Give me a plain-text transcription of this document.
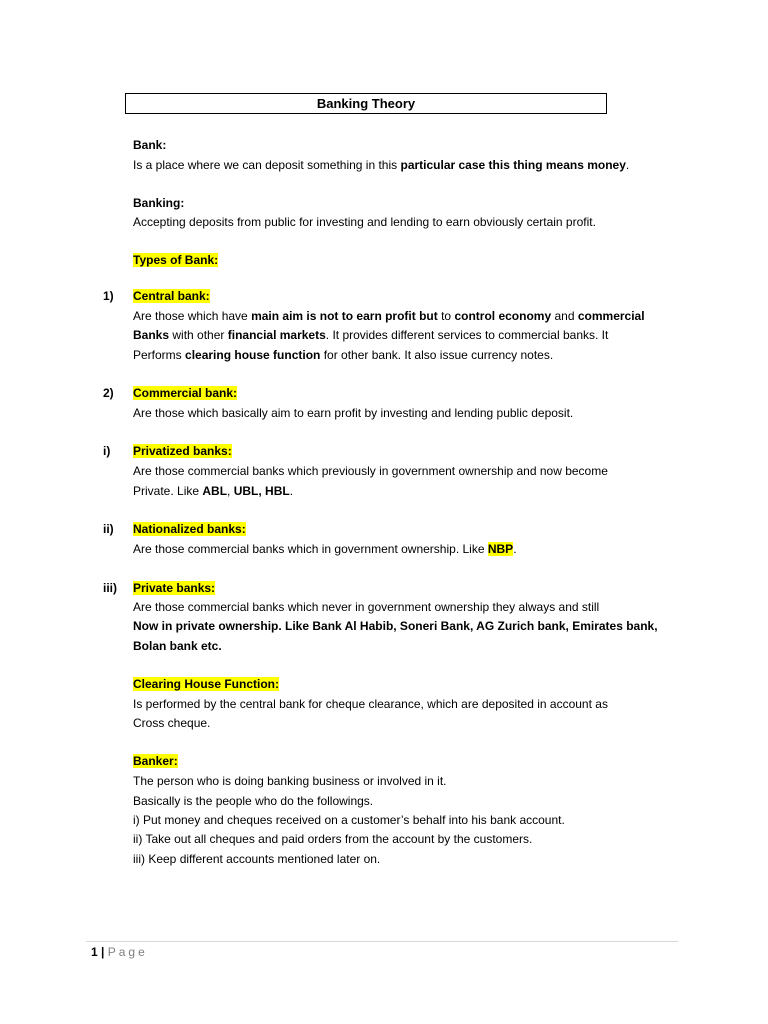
Banking Theory
Bank:
Is a place where we can deposit something in this particular case this thing means money.
Banking:
Accepting deposits from public for investing and lending to earn obviously certain profit.
Types of Bank:
1) Central bank:
Are those which have main aim is not to earn profit but to control economy and commercial
Banks with other financial markets. It provides different services to commercial banks. It
Performs clearing house function for other bank. It also issue currency notes.
2) Commercial bank:
Are those which basically aim to earn profit by investing and lending public deposit.
i) Privatized banks:
Are those commercial banks which previously in government ownership and now become
Private. Like ABL, UBL, HBL.
ii) Nationalized banks:
Are those commercial banks which in government ownership. Like NBP.
iii) Private banks:
Are those commercial banks which never in government ownership they always and still
Now in private ownership. Like Bank Al Habib, Soneri Bank, AG Zurich bank, Emirates bank,
Bolan bank etc.
Clearing House Function:
Is performed by the central bank for cheque clearance, which are deposited in account as
Cross cheque.
Banker:
The person who is doing banking business or involved in it.
Basically is the people who do the followings.
i) Put money and cheques received on a customer’s behalf into his bank account.
ii) Take out all cheques and paid orders from the account by the customers.
iii) Keep different accounts mentioned later on.
1 | Page
